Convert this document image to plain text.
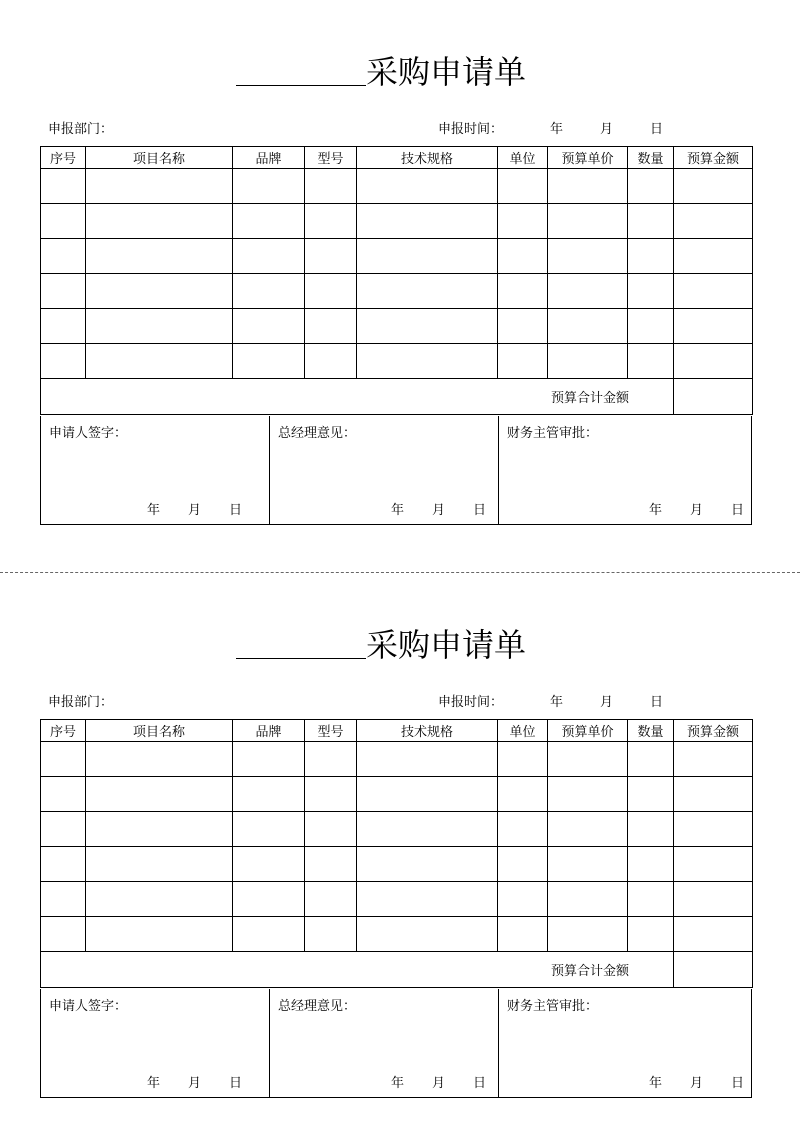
采购申请单
申报部门：	申报时间：	年	月	日
序号	项目名称	品牌	型号	技术规格	单位	预算单价	数量	预算金额

预算合计金额								
申请人签字：
年 月 日
总经理意见：
年 月 日
财务主管审批：
年 月 日
采购申请单
申报部门：	申报时间：	年	月	日
序号	项目名称	品牌	型号	技术规格	单位	预算单价	数量	预算金额

预算合计金额								
申请人签字：
年 月 日
总经理意见：
年 月 日
财务主管审批：
年 月 日
